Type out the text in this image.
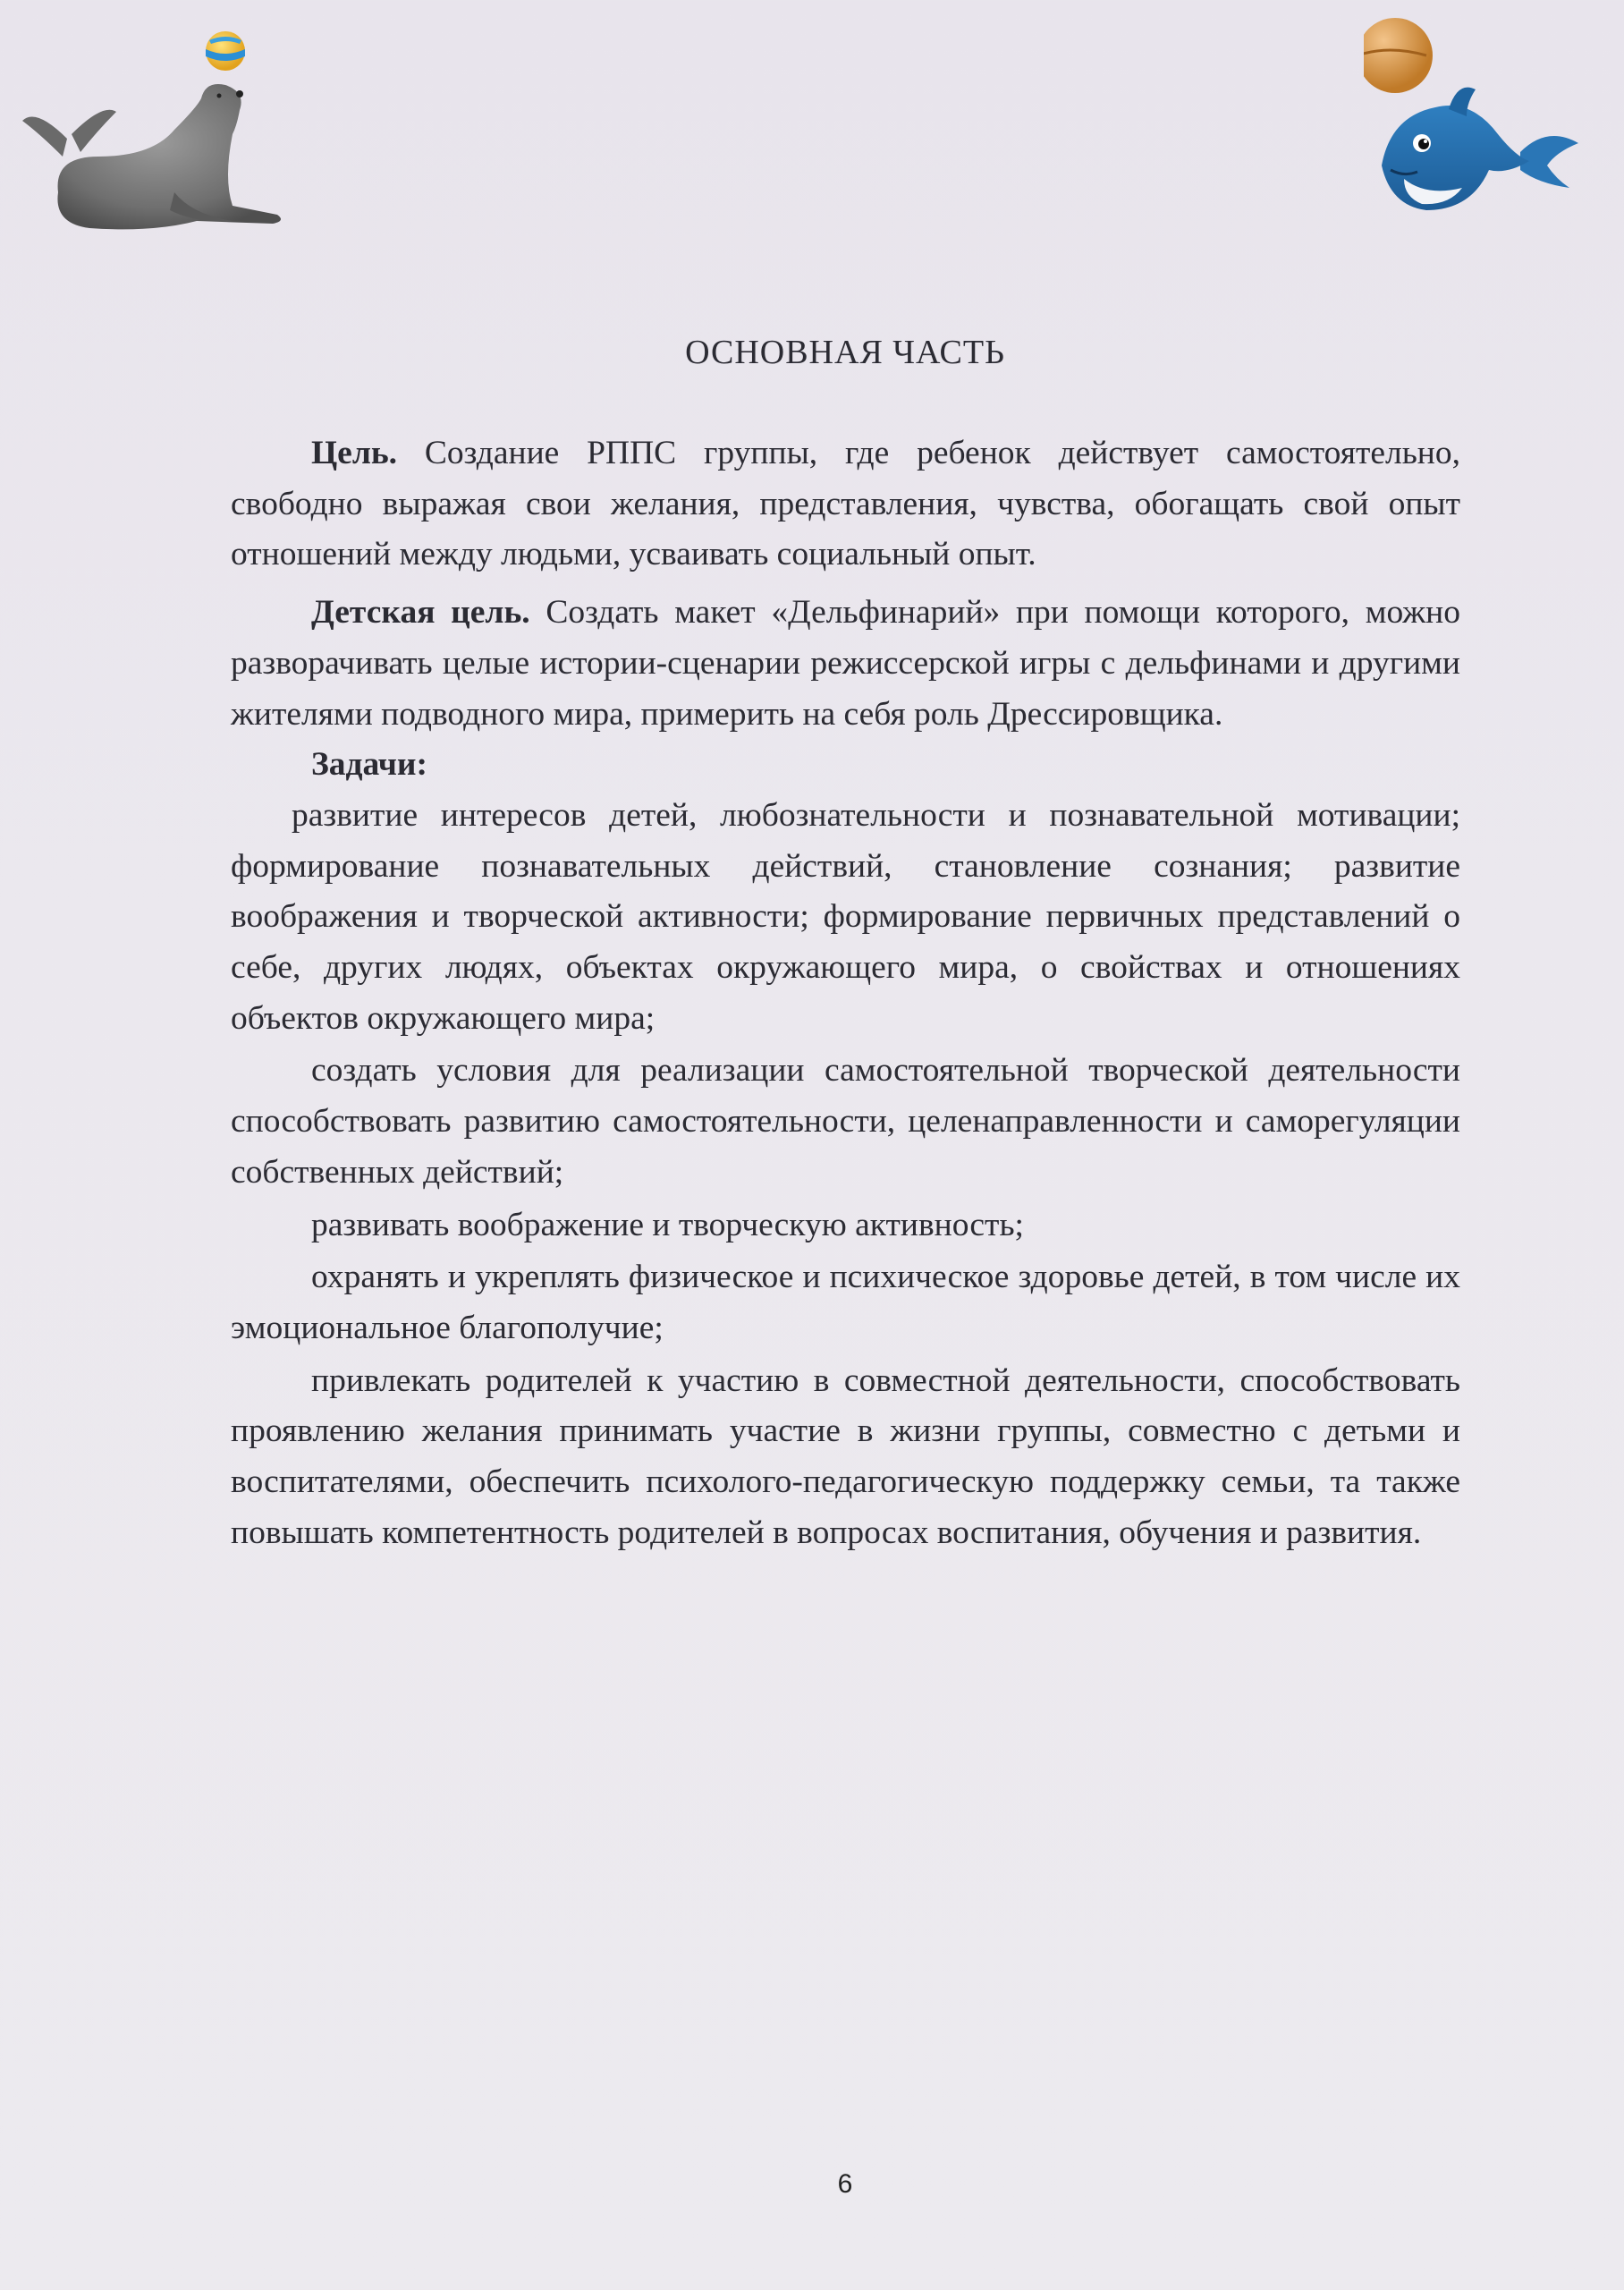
ОСНОВНАЯ ЧАСТЬ

Цель. Создание РППС группы, где ребенок действует самостоятельно, свободно выражая свои желания, представления, чувства, обогащать свой опыт отношений между людьми, усваивать социальный опыт.

Детская цель. Создать макет «Дельфинарий» при помощи которого, можно разворачивать целые истории-сценарии режиссерской игры с дельфинами и другими жителями подводного мира, примерить на себя роль Дрессировщика.

Задачи:

развитие интересов детей, любознательности и познавательной мотивации; формирование познавательных действий, становление сознания; развитие воображения и творческой активности; формирование первичных представлений о себе, других людях, объектах окружающего мира, о свойствах и отношениях объектов окружающего мира;

создать условия для реализации самостоятельной творческой деятельности способствовать развитию самостоятельности, целенаправленности и саморегуляции собственных действий;

развивать воображение и творческую активность;

охранять и укреплять физическое и психическое здоровье детей, в том числе их эмоциональное благополучие;

привлекать родителей к участию в совместной деятельности, способствовать проявлению желания принимать участие в жизни группы, совместно с детьми и воспитателями, обеспечить психолого-педагогическую поддержку семьи, та также повышать компетентность родителей в вопросах воспитания, обучения и развития.

6
